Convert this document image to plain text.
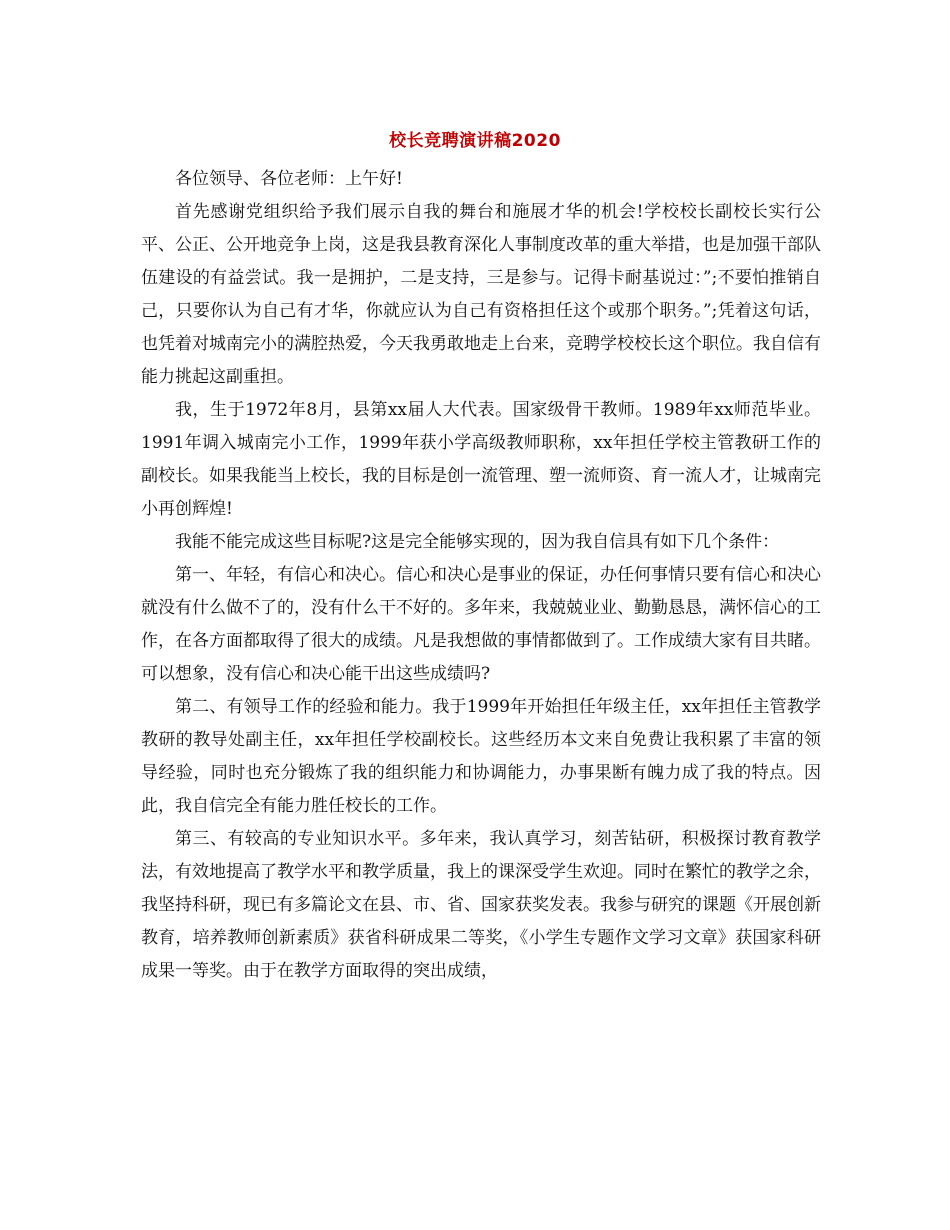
校长竞聘演讲稿2020

各位领导、各位老师：上午好!

首先感谢党组织给予我们展示自我的舞台和施展才华的机会!学校校长副校长实行公平、公正、公开地竞争上岗，这是我县教育深化人事制度改革的重大举措，也是加强干部队伍建设的有益尝试。我一是拥护，二是支持，三是参与。记得卡耐基说过：”;不要怕推销自己，只要你认为自己有才华，你就应认为自己有资格担任这个或那个职务。”;凭着这句话，也凭着对城南完小的满腔热爱，今天我勇敢地走上台来，竞聘学校校长这个职位。我自信有能力挑起这副重担。

我，生于1972年8月，县第xx届人大代表。国家级骨干教师。1989年xx师范毕业。1991年调入城南完小工作，1999年获小学高级教师职称，xx年担任学校主管教研工作的副校长。如果我能当上校长，我的目标是创一流管理、塑一流师资、育一流人才，让城南完小再创辉煌!

我能不能完成这些目标呢?这是完全能够实现的，因为我自信具有如下几个条件：

第一、年轻，有信心和决心。信心和决心是事业的保证，办任何事情只要有信心和决心就没有什么做不了的，没有什么干不好的。多年来，我兢兢业业、勤勤恳恳，满怀信心的工作，在各方面都取得了很大的成绩。凡是我想做的事情都做到了。工作成绩大家有目共睹。可以想象，没有信心和决心能干出这些成绩吗?

第二、有领导工作的经验和能力。我于1999年开始担任年级主任，xx年担任主管教学教研的教导处副主任，xx年担任学校副校长。这些经历本文来自免费让我积累了丰富的领导经验，同时也充分锻炼了我的组织能力和协调能力，办事果断有魄力成了我的特点。因此，我自信完全有能力胜任校长的工作。

第三、有较高的专业知识水平。多年来，我认真学习，刻苦钻研，积极探讨教育教学法，有效地提高了教学水平和教学质量，我上的课深受学生欢迎。同时在繁忙的教学之余，我坚持科研，现已有多篇论文在县、市、省、国家获奖发表。我参与研究的课题《开展创新教育，培养教师创新素质》获省科研成果二等奖，《小学生专题作文学习文章》获国家科研成果一等奖。由于在教学方面取得的突出成绩，
